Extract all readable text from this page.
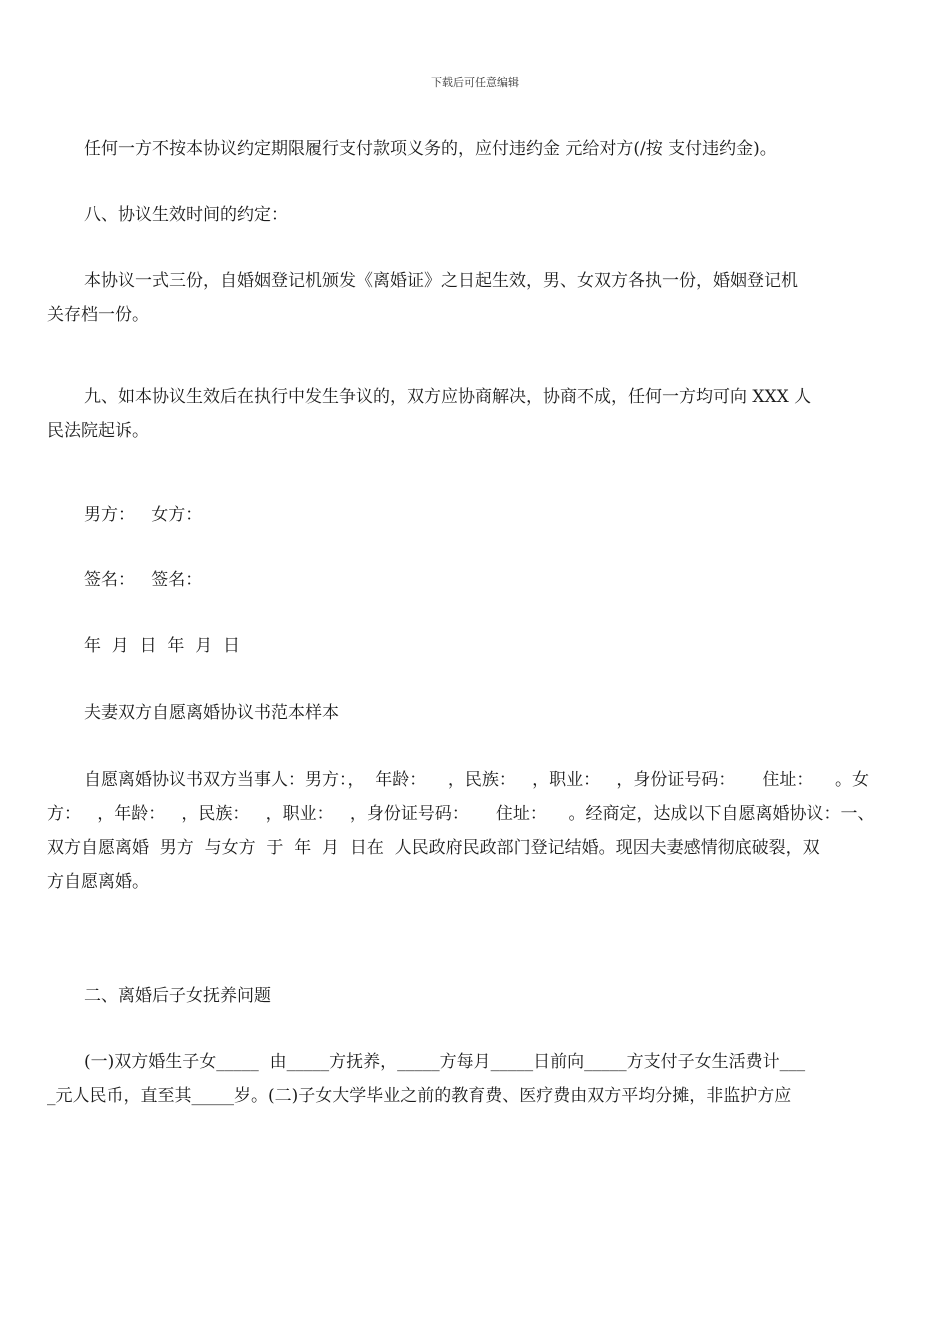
下载后可任意编辑
任何一方不按本协议约定期限履行支付款项义务的，应付违约金 元给对方(/按 支付违约金)。
八、协议生效时间的约定：
本协议一式三份，自婚姻登记机颁发《离婚证》之日起生效，男、女双方各执一份，婚姻登记机
关存档一份。
九、如本协议生效后在执行中发生争议的，双方应协商解决，协商不成，任何一方均可向 XXX 人
民法院起诉。
男方：   女方：
签名：   签名：
年  月  日  年  月  日
夫妻双方自愿离婚协议书范本样本
自愿离婚协议书双方当事人：男方：，  年龄：    ，民族：   ，职业：   ，身份证号码：     住址：    。女
方：   ，年龄：   ，民族：   ，职业：   ，身份证号码：     住址：    。经商定，达成以下自愿离婚协议：一、
双方自愿离婚  男方  与女方  于  年  月  日在  人民政府民政部门登记结婚。现因夫妻感情彻底破裂，双
方自愿离婚。
二、离婚后子女抚养问题
(一)双方婚生子女_____  由_____方抚养，_____方每月_____日前向_____方支付子女生活费计___
_元人民币，直至其_____岁。(二)子女大学毕业之前的教育费、医疗费由双方平均分摊，非监护方应
